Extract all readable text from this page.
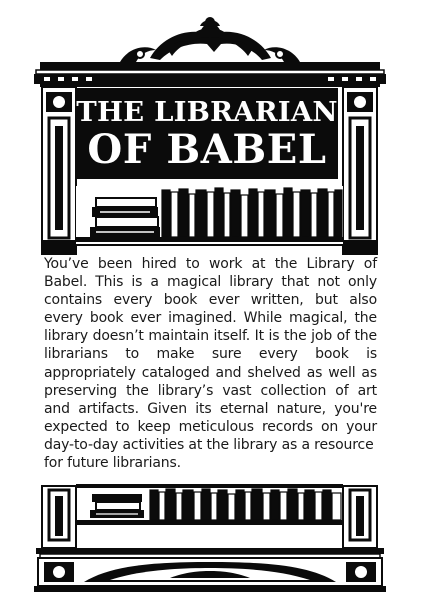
THE LIBRARIAN
OF BABEL
You’ve been hired to work at the Library of Babel. This is a magical library that not only contains every book ever written, but also every book ever imagined. While magical, the library doesn’t maintain itself. It is the job of the librarians to make sure every book is appropriately cataloged and shelved as well as preserving the library’s vast collection of art and artifacts. Given its eternal nature, you're expected to keep meticulous records on your day-to-day activities at the library as a resource
for future librarians.
